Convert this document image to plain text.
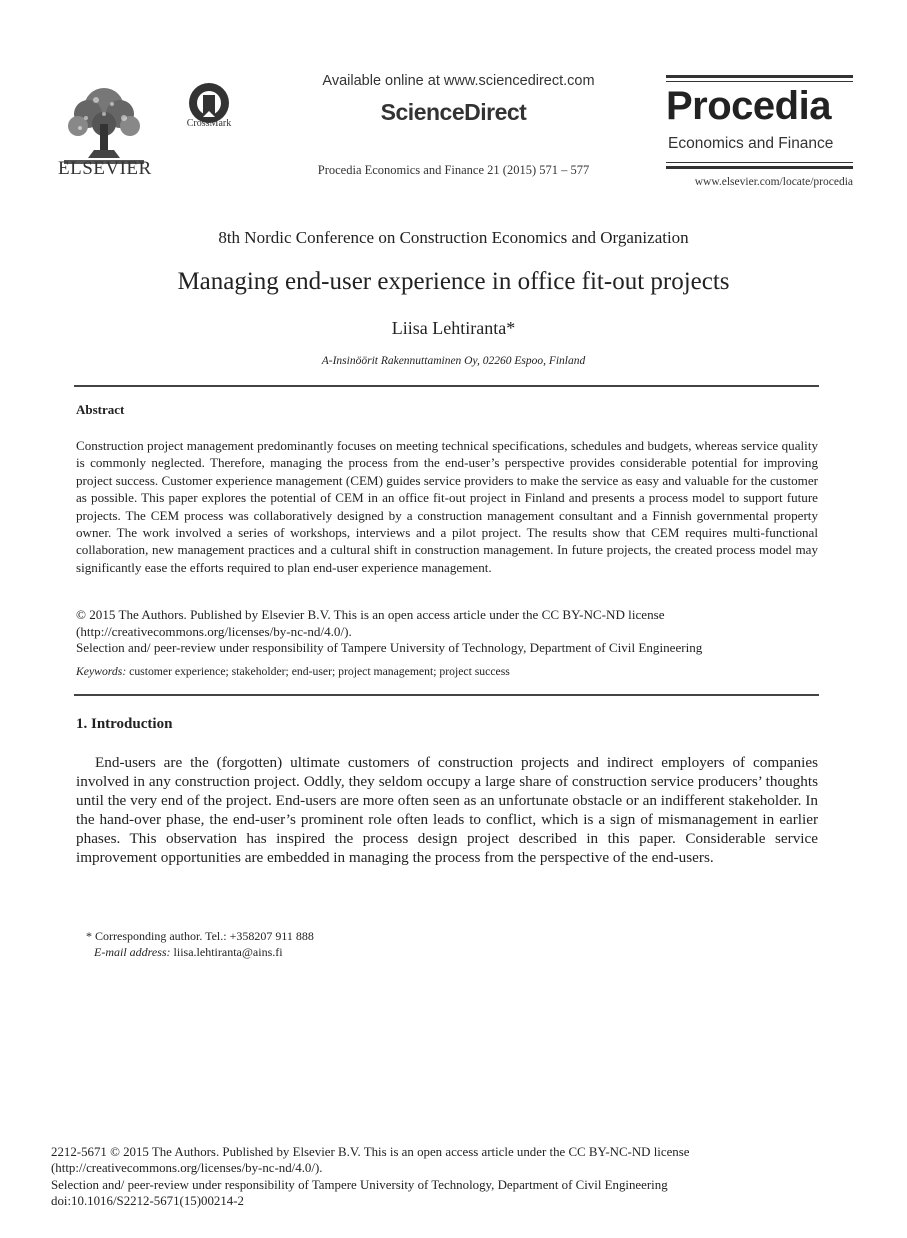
ELSEVIER
CrossMark
Available online at www.sciencedirect.com
ScienceDirect
Procedia Economics and Finance 21 (2015) 571 – 577
Procedia
Economics and Finance
www.elsevier.com/locate/procedia
8th Nordic Conference on Construction Economics and Organization
Managing end-user experience in office fit-out projects
Liisa Lehtiranta*
A-Insinöörit Rakennuttaminen Oy, 02260 Espoo, Finland
Abstract
Construction project management predominantly focuses on meeting technical specifications, schedules and budgets, whereas service quality is commonly neglected. Therefore, managing the process from the end-user’s perspective provides considerable potential for improving project success. Customer experience management (CEM) guides service providers to make the service as easy and valuable for the customer as possible. This paper explores the potential of CEM in an office fit-out project in Finland and presents a process model to support future projects. The CEM process was collaboratively designed by a construction management consultant and a Finnish governmental property owner. The work involved a series of workshops, interviews and a pilot project. The results show that CEM requires multi-functional collaboration, new management practices and a cultural shift in construction management. In future projects, the created process model may significantly ease the efforts required to plan end-user experience management.
© 2015 The Authors. Published by Elsevier B.V. This is an open access article under the CC BY-NC-ND license
(http://creativecommons.org/licenses/by-nc-nd/4.0/).
Selection and/ peer-review under responsibility of Tampere University of Technology, Department of Civil Engineering
Keywords: customer experience; stakeholder; end-user; project management; project success
1. Introduction
End-users are the (forgotten) ultimate customers of construction projects and indirect employers of companies involved in any construction project. Oddly, they seldom occupy a large share of construction service producers’ thoughts until the very end of the project. End-users are more often seen as an unfortunate obstacle or an indifferent stakeholder. In the hand-over phase, the end-user’s prominent role often leads to conflict, which is a sign of mismanagement in earlier phases. This observation has inspired the process design project described in this paper. Considerable service improvement opportunities are embedded in managing the process from the perspective of the end-users.
* Corresponding author. Tel.: +358207 911 888
E-mail address: liisa.lehtiranta@ains.fi
2212-5671 © 2015 The Authors. Published by Elsevier B.V. This is an open access article under the CC BY-NC-ND license
(http://creativecommons.org/licenses/by-nc-nd/4.0/).
Selection and/ peer-review under responsibility of Tampere University of Technology, Department of Civil Engineering
doi:10.1016/S2212-5671(15)00214-2
